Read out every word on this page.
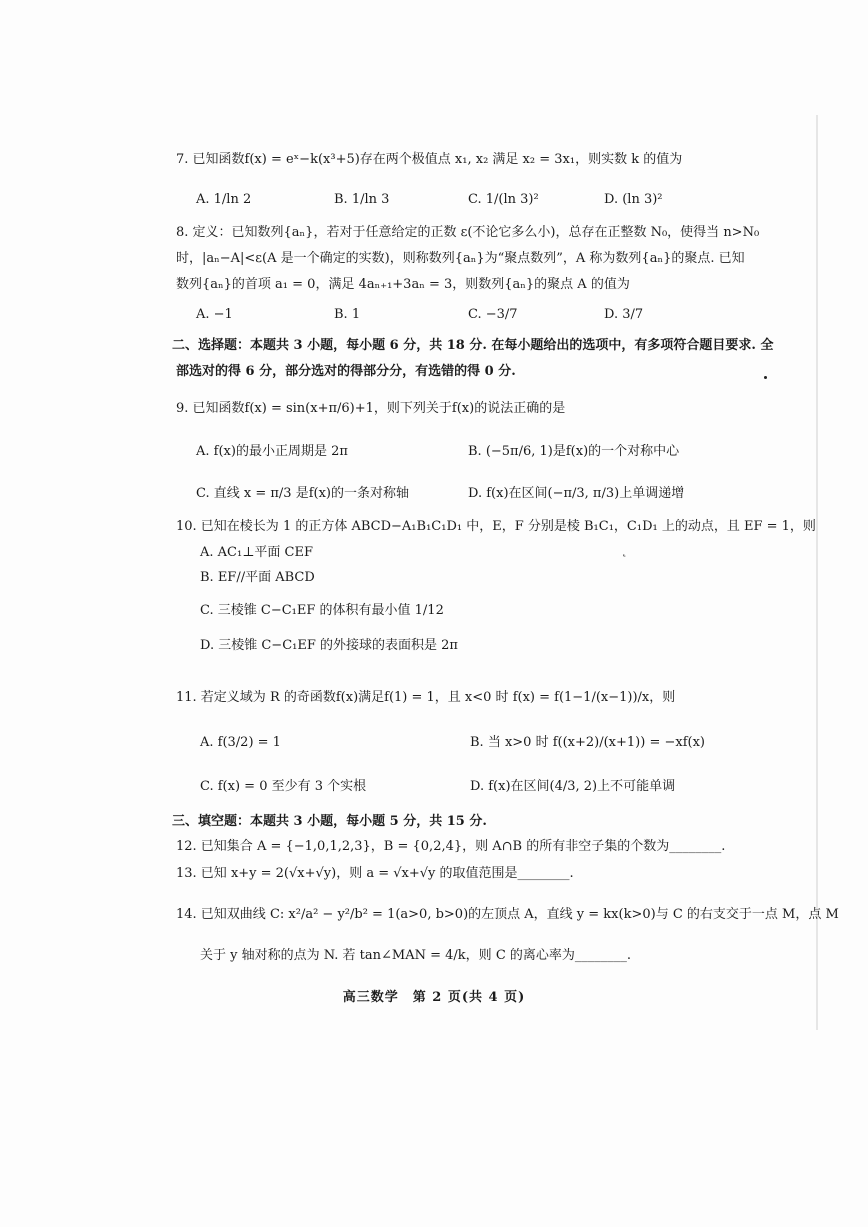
7. 已知函数f(x) = eˣ−k(x³+5)存在两个极值点 x₁, x₂ 满足 x₂ = 3x₁，则实数 k 的值为
A. 1/ln 2	B. 1/ln 3	C. 1/(ln 3)²	D. (ln 3)²
8. 定义：已知数列{aₙ}，若对于任意给定的正数 ε(不论它多么小)，总存在正整数 N₀，使得当 n>N₀
时，|aₙ−A|<ε(A 是一个确定的实数)，则称数列{aₙ}为“聚点数列”，A 称为数列{aₙ}的聚点. 已知
数列{aₙ}的首项 a₁ = 0，满足 4aₙ₊₁+3aₙ = 3，则数列{aₙ}的聚点 A 的值为
A. −1	B. 1	C. −3/7	D. 3/7
二、选择题：本题共 3 小题，每小题 6 分，共 18 分. 在每小题给出的选项中，有多项符合题目要求. 全
部选对的得 6 分，部分选对的得部分分，有选错的得 0 分.
9. 已知函数f(x) = sin(x+π/6)+1，则下列关于f(x)的说法正确的是
A. f(x)的最小正周期是 2π	B. (−5π/6, 1)是f(x)的一个对称中心
C. 直线 x = π/3 是f(x)的一条对称轴	D. f(x)在区间(−π/3, π/3)上单调递增
10. 已知在棱长为 1 的正方体 ABCD−A₁B₁C₁D₁ 中，E，F 分别是棱 B₁C₁，C₁D₁ 上的动点，且 EF = 1，则
A. AC₁⊥平面 CEF
B. EF//平面 ABCD
C. 三棱锥 C−C₁EF 的体积有最小值 1/12
D. 三棱锥 C−C₁EF 的外接球的表面积是 2π
˛
11. 若定义域为 R 的奇函数f(x)满足f(1) = 1，且 x<0 时 f(x) = f(1−1/(x−1))/x，则
A. f(3/2) = 1	B. 当 x>0 时 f((x+2)/(x+1)) = −xf(x)
C. f(x) = 0 至少有 3 个实根	D. f(x)在区间(4/3, 2)上不可能单调
三、填空题：本题共 3 小题，每小题 5 分，共 15 分.
12. 已知集合 A = {−1,0,1,2,3}，B = {0,2,4}，则 A∩B 的所有非空子集的个数为________.
13. 已知 x+y = 2(√x+√y)，则 a = √x+√y 的取值范围是________.
14. 已知双曲线 C: x²/a² − y²/b² = 1(a>0, b>0)的左顶点 A，直线 y = kx(k>0)与 C 的右支交于一点 M，点 M
关于 y 轴对称的点为 N. 若 tan∠MAN = 4/k，则 C 的离心率为________.
高三数学　第 2 页(共 4 页)
